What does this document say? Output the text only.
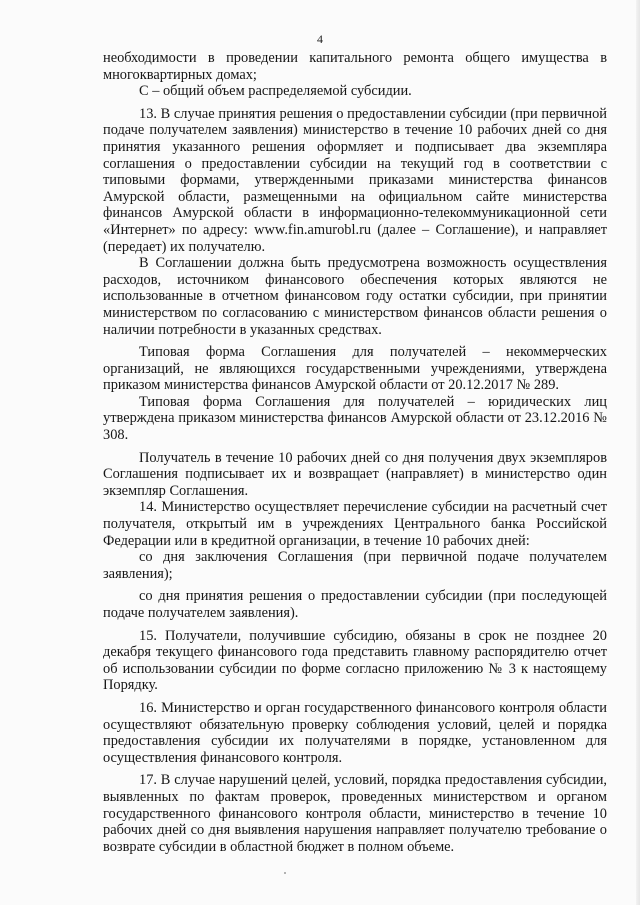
4

необходимости в проведении капитального ремонта общего имущества в многоквартирных домах;

С – общий объем распределяемой субсидии.

13. В случае принятия решения о предоставлении субсидии (при первичной подаче получателем заявления) министерство в течение 10 рабочих дней со дня принятия указанного решения оформляет и подписывает два экземпляра соглашения о предоставлении субсидии на текущий год в соответствии с типовыми формами, утвержденными приказами министерства финансов Амурской области, размещенными на официальном сайте министерства финансов Амурской области в информационно-телекоммуникационной сети «Интернет» по адресу: www.fin.amurobl.ru (далее – Соглашение), и направляет (передает) их получателю.

В Соглашении должна быть предусмотрена возможность осуществления расходов, источником финансового обеспечения которых являются не использованные в отчетном финансовом году остатки субсидии, при принятии министерством по согласованию с министерством финансов области решения о наличии потребности в указанных средствах.

Типовая форма Соглашения для получателей – некоммерческих организаций, не являющихся государственными учреждениями, утверждена приказом министерства финансов Амурской области от 20.12.2017 № 289.

Типовая форма Соглашения для получателей – юридических лиц утверждена приказом министерства финансов Амурской области от 23.12.2016 № 308.

Получатель в течение 10 рабочих дней со дня получения двух экземпляров Соглашения подписывает их и возвращает (направляет) в министерство один экземпляр Соглашения.

14. Министерство осуществляет перечисление субсидии на расчетный счет получателя, открытый им в учреждениях Центрального банка Российской Федерации или в кредитной организации, в течение 10 рабочих дней:

со дня заключения Соглашения (при первичной подаче получателем заявления);

со дня принятия решения о предоставлении субсидии (при последующей подаче получателем заявления).

15. Получатели, получившие субсидию, обязаны в срок не позднее 20 декабря текущего финансового года представить главному распорядителю отчет об использовании субсидии по форме согласно приложению № 3 к настоящему Порядку.

16. Министерство и орган государственного финансового контроля области осуществляют обязательную проверку соблюдения условий, целей и порядка предоставления субсидии их получателями в порядке, установленном для осуществления финансового контроля.

17. В случае нарушений целей, условий, порядка предоставления субсидии, выявленных по фактам проверок, проведенных министерством и органом государственного финансового контроля области, министерство в течение 10 рабочих дней со дня выявления нарушения направляет получателю требование о возврате субсидии в областной бюджет в полном объеме.
